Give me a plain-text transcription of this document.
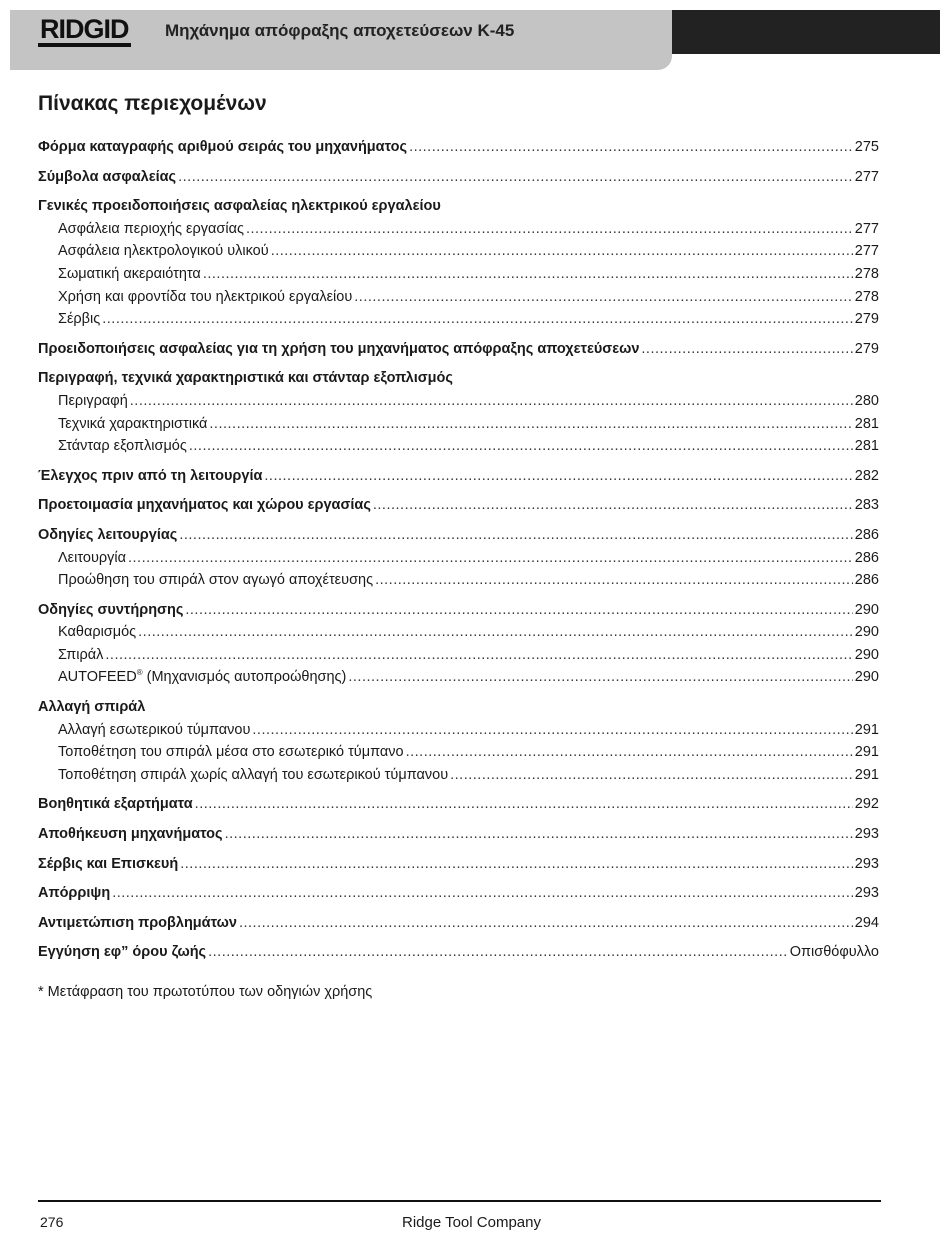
RIDGID Μηχάνημα απόφραξης αποχετεύσεων K-45
Πίνακας περιεχομένων
Φόρμα καταγραφής αριθμού σειράς του μηχανήματος .....	275
Σύμβολα ασφαλείας .....	277
Γενικές προειδοποιήσεις ασφαλείας ηλεκτρικού εργαλείου
Ασφάλεια περιοχής εργασίας .....	277
Ασφάλεια ηλεκτρολογικού υλικού .....	277
Σωματική ακεραιότητα .....	278
Χρήση και φροντίδα του ηλεκτρικού εργαλείου .....	278
Σέρβις .....	279
Προειδοποιήσεις ασφαλείας για τη χρήση του μηχανήματος απόφραξης αποχετεύσεων .....	279
Περιγραφή, τεχνικά χαρακτηριστικά και στάνταρ εξοπλισμός
Περιγραφή .....	280
Τεχνικά χαρακτηριστικά .....	281
Στάνταρ εξοπλισμός .....	281
Έλεγχος πριν από τη λειτουργία .....	282
Προετοιμασία μηχανήματος και χώρου εργασίας .....	283
Οδηγίες λειτουργίας .....	286
Λειτουργία .....	286
Προώθηση του σπιράλ στον αγωγό αποχέτευσης .....	286
Οδηγίες συντήρησης .....	290
Καθαρισμός .....	290
Σπιράλ .....	290
AUTOFEED® (Μηχανισμός αυτοπροώθησης) .....	290
Αλλαγή σπιράλ
Αλλαγή εσωτερικού τύμπανου .....	291
Τοποθέτηση του σπιράλ μέσα στο εσωτερικό τύμπανο .....	291
Τοποθέτηση σπιράλ χωρίς αλλαγή του εσωτερικού τύμπανου .....	291
Βοηθητικά εξαρτήματα .....	292
Αποθήκευση μηχανήματος .....	293
Σέρβις και Επισκευή .....	293
Απόρριψη .....	293
Αντιμετώπιση προβλημάτων .....	294
Εγγύηση εφ” όρου ζωής .....	Οπισθόφυλλο
* Μετάφραση του πρωτοτύπου των οδηγιών χρήσης
276	Ridge Tool Company
